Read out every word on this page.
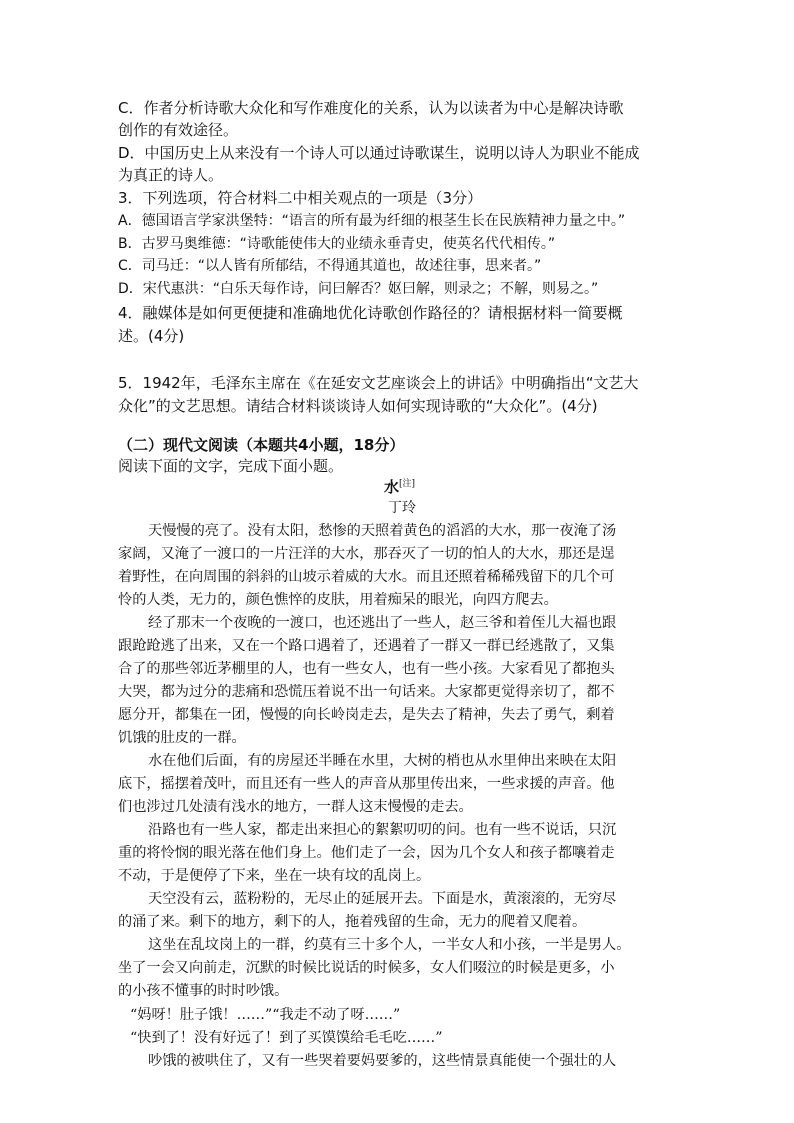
C．作者分析诗歌大众化和写作难度化的关系，认为以读者为中心是解决诗歌
创作的有效途径。
D．中国历史上从来没有一个诗人可以通过诗歌谋生，说明以诗人为职业不能成
为真正的诗人。
3．下列选项，符合材料二中相关观点的一项是（3分）
A．德国语言学家洪堡特：“语言的所有最为纤细的根茎生长在民族精神力量之中。”
B．古罗马奥维德：“诗歌能使伟大的业绩永垂青史，使英名代代相传。”
C．司马迁：“以人皆有所郁结，不得通其道也，故述往事，思来者。”
D．宋代惠洪：“白乐天每作诗，问曰解否？妪曰解，则录之；不解，则易之。”
4．融媒体是如何更便捷和准确地优化诗歌创作路径的？请根据材料一简要概
述。(4分)
5．1942年，毛泽东主席在《在延安文艺座谈会上的讲话》中明确指出“文艺大
众化”的文艺思想。请结合材料谈谈诗人如何实现诗歌的“大众化”。(4分)
（二）现代文阅读（本题共4小题，18分）
阅读下面的文字，完成下面小题。
水[注]
丁玲
天慢慢的亮了。没有太阳，愁惨的天照着黄色的滔滔的大水，那一夜淹了汤
家阔，又淹了一渡口的一片汪洋的大水，那吞灭了一切的怕人的大水，那还是逞
着野性，在向周围的斜斜的山坡示着威的大水。而且还照着稀稀残留下的几个可
怜的人类，无力的，颜色憔悴的皮肤，用着痴呆的眼光，向四方爬去。
经了那末一个夜晚的一渡口，也还逃出了一些人，赵三爷和着侄儿大福也跟
跟跄跄逃了出来，又在一个路口遇着了，还遇着了一群又一群已经逃散了，又集
合了的那些邻近茅棚里的人，也有一些女人，也有一些小孩。大家看见了都抱头
大哭，都为过分的悲痛和恐慌压着说不出一句话来。大家都更觉得亲切了，都不
愿分开，都集在一团，慢慢的向长岭岗走去，是失去了精神，失去了勇气，剩着
饥饿的肚皮的一群。
水在他们后面，有的房屋还半睡在水里，大树的梢也从水里伸出来映在太阳
底下，摇摆着茂叶，而且还有一些人的声音从那里传出来，一些求援的声音。他
们也涉过几处渍有浅水的地方，一群人这末慢慢的走去。
沿路也有一些人家，都走出来担心的絮絮叨叨的问。也有一些不说话，只沉
重的将怜悯的眼光落在他们身上。他们走了一会，因为几个女人和孩子都嚷着走
不动，于是便停了下来，坐在一块有坟的乱岗上。
天空没有云，蓝粉粉的，无尽止的延展开去。下面是水，黄滚滚的，无穷尽
的涌了来。剩下的地方，剩下的人，拖着残留的生命，无力的爬着又爬着。
这坐在乱坟岗上的一群，约莫有三十多个人，一半女人和小孩，一半是男人。
坐了一会又向前走，沉默的时候比说话的时候多，女人们啜泣的时候是更多，小
的小孩不懂事的时时吵饿。
“妈呀！肚子饿！……”“我走不动了呀……”
“快到了！没有好远了！到了买馍馍给毛毛吃……”
吵饿的被哄住了，又有一些哭着要妈要爹的，这些情景真能使一个强壮的人
